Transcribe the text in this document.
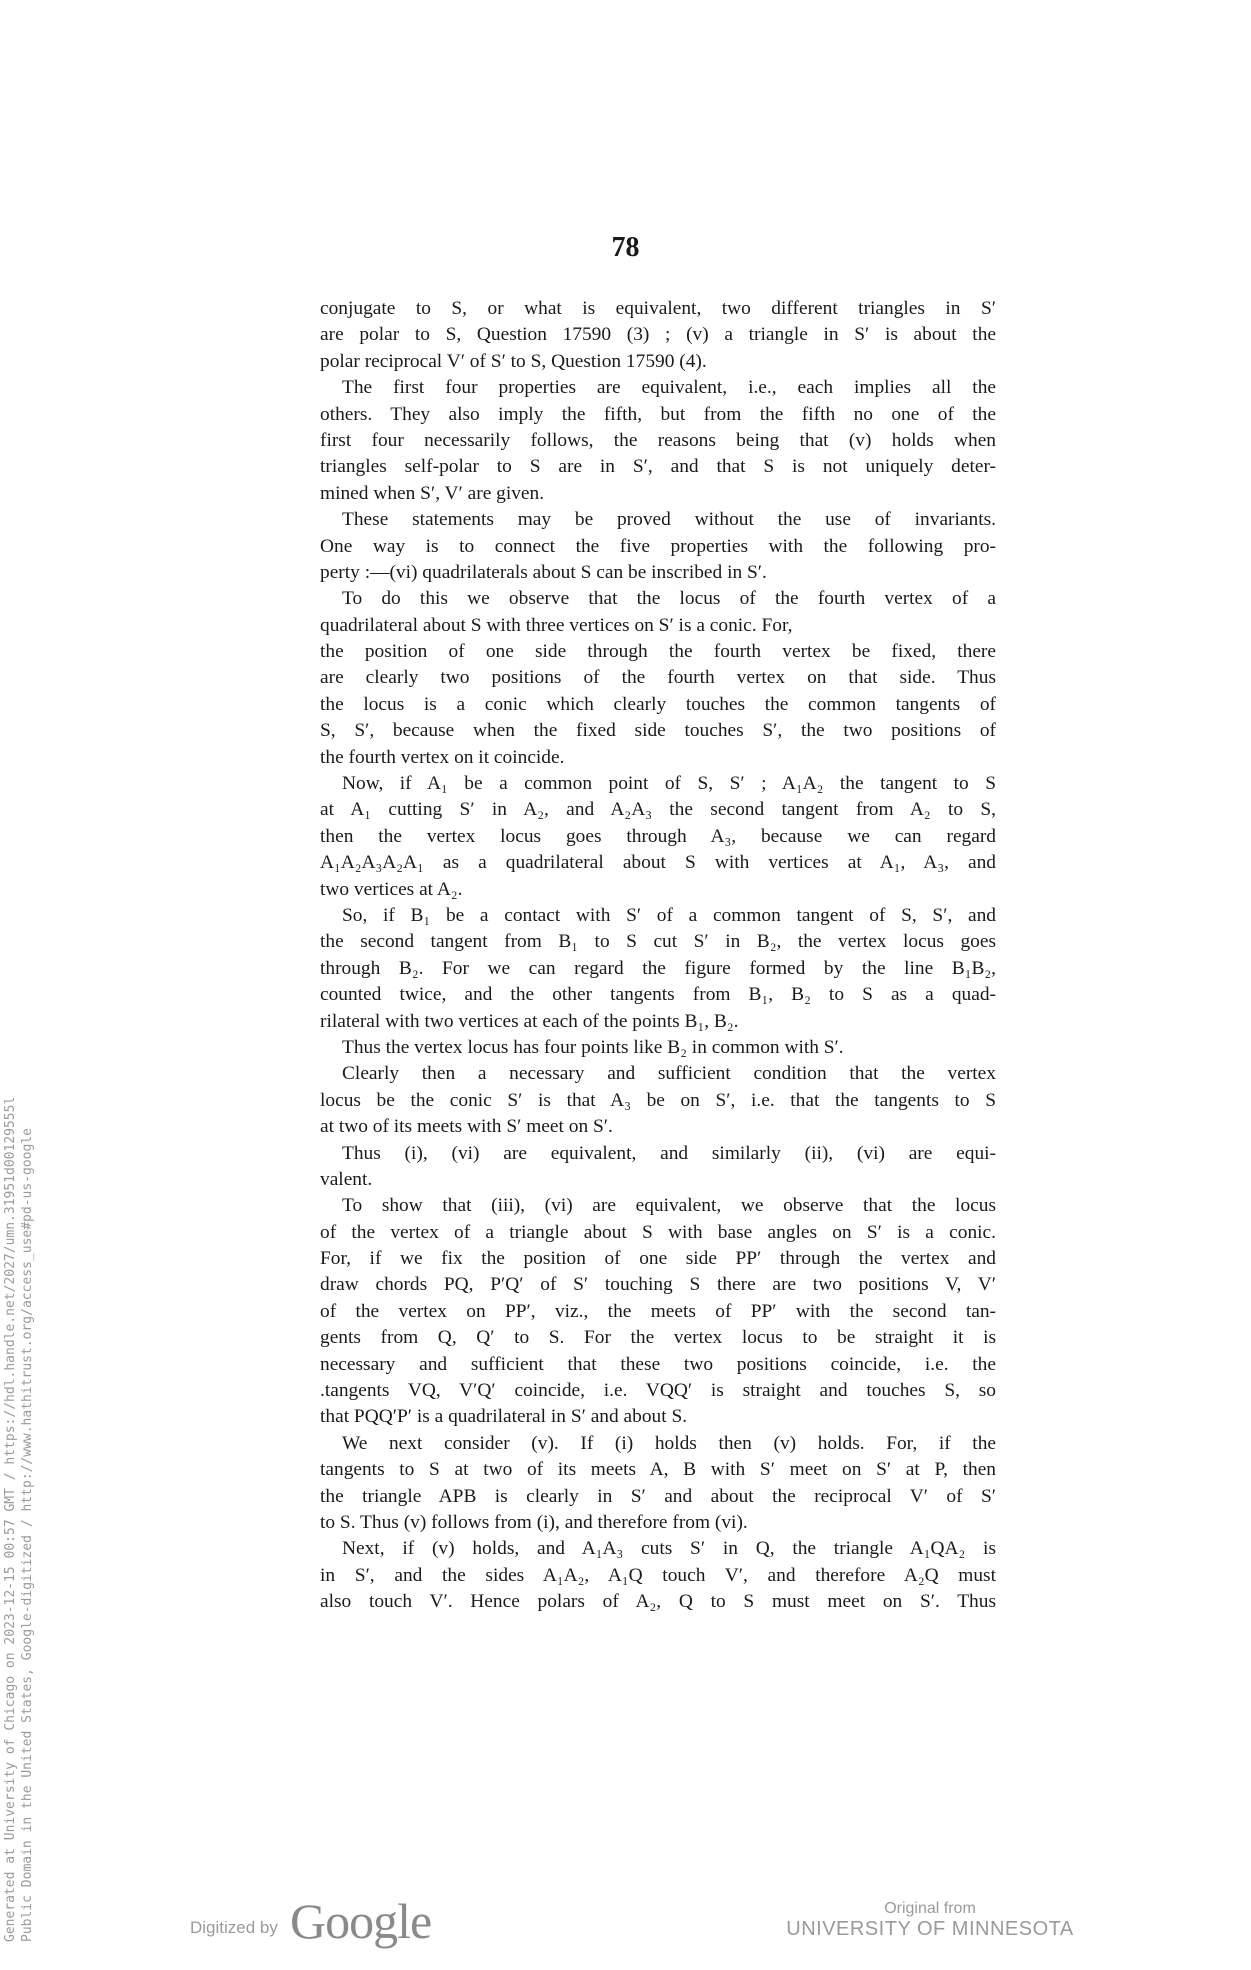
78
conjugate to S, or what is equivalent, two different triangles in S′
are polar to S, Question 17590 (3) ; (v) a triangle in S′ is about the
polar reciprocal V′ of S′ to S, Question 17590 (4).
The first four properties are equivalent, i.e., each implies all the
others. They also imply the fifth, but from the fifth no one of the
first four necessarily follows, the reasons being that (v) holds when
triangles self-polar to S are in S′, and that S is not uniquely deter-
mined when S′, V′ are given.
These statements may be proved without the use of invariants.
One way is to connect the five properties with the following pro-
perty :—(vi) quadrilaterals about S can be inscribed in S′.
To do this we observe that the locus of the fourth vertex of a
quadrilateral about S with three vertices on S′ is a conic. For,
the position of one side through the fourth vertex be fixed, there
are clearly two positions of the fourth vertex on that side. Thus
the locus is a conic which clearly touches the common tangents of
S, S′, because when the fixed side touches S′, the two positions of
the fourth vertex on it coincide.
Now, if A₁ be a common point of S, S′ ; A₁A₂ the tangent to S
at A₁ cutting S′ in A₂, and A₂A₃ the second tangent from A₂ to S,
then the vertex locus goes through A₃, because we can regard
A₁A₂A₃A₂A₁ as a quadrilateral about S with vertices at A₁, A₃, and
two vertices at A₂.
So, if B₁ be a contact with S′ of a common tangent of S, S′, and
the second tangent from B₁ to S cut S′ in B₂, the vertex locus goes
through B₂. For we can regard the figure formed by the line B₁B₂,
counted twice, and the other tangents from B₁, B₂ to S as a quad-
rilateral with two vertices at each of the points B₁, B₂.
Thus the vertex locus has four points like B₂ in common with S′.
Clearly then a necessary and sufficient condition that the vertex
locus be the conic S′ is that A₃ be on S′, i.e. that the tangents to S
at two of its meets with S′ meet on S′.
Thus (i), (vi) are equivalent, and similarly (ii), (vi) are equi-
valent.
To show that (iii), (vi) are equivalent, we observe that the locus
of the vertex of a triangle about S with base angles on S′ is a conic.
For, if we fix the position of one side PP′ through the vertex and
draw chords PQ, P′Q′ of S′ touching S there are two positions V, V′
of the vertex on PP′, viz., the meets of PP′ with the second tan-
gents from Q, Q′ to S. For the vertex locus to be straight it is
necessary and sufficient that these two positions coincide, i.e. the
.tangents VQ, V′Q′ coincide, i.e. VQQ′ is straight and touches S, so
that PQQ′P′ is a quadrilateral in S′ and about S.
We next consider (v). If (i) holds then (v) holds. For, if the
tangents to S at two of its meets A, B with S′ meet on S′ at P, then
the triangle APB is clearly in S′ and about the reciprocal V′ of S′
to S. Thus (v) follows from (i), and therefore from (vi).
Next, if (v) holds, and A₁A₃ cuts S′ in Q, the triangle A₁QA₂ is
in S′, and the sides A₁A₂, A₁Q touch V′, and therefore A₂Q must
also touch V′. Hence polars of A₂, Q to S must meet on S′. Thus
Generated at University of Chicago on 2023-12-15 00:57 GMT / https://hdl.handle.net/2027/umn.31951d00129555l Public Domain in the United States, Google-digitized / http://www.hathitrust.org/access_use#pd-us-google	Digitized by Google	Original from
UNIVERSITY OF MINNESOTA
